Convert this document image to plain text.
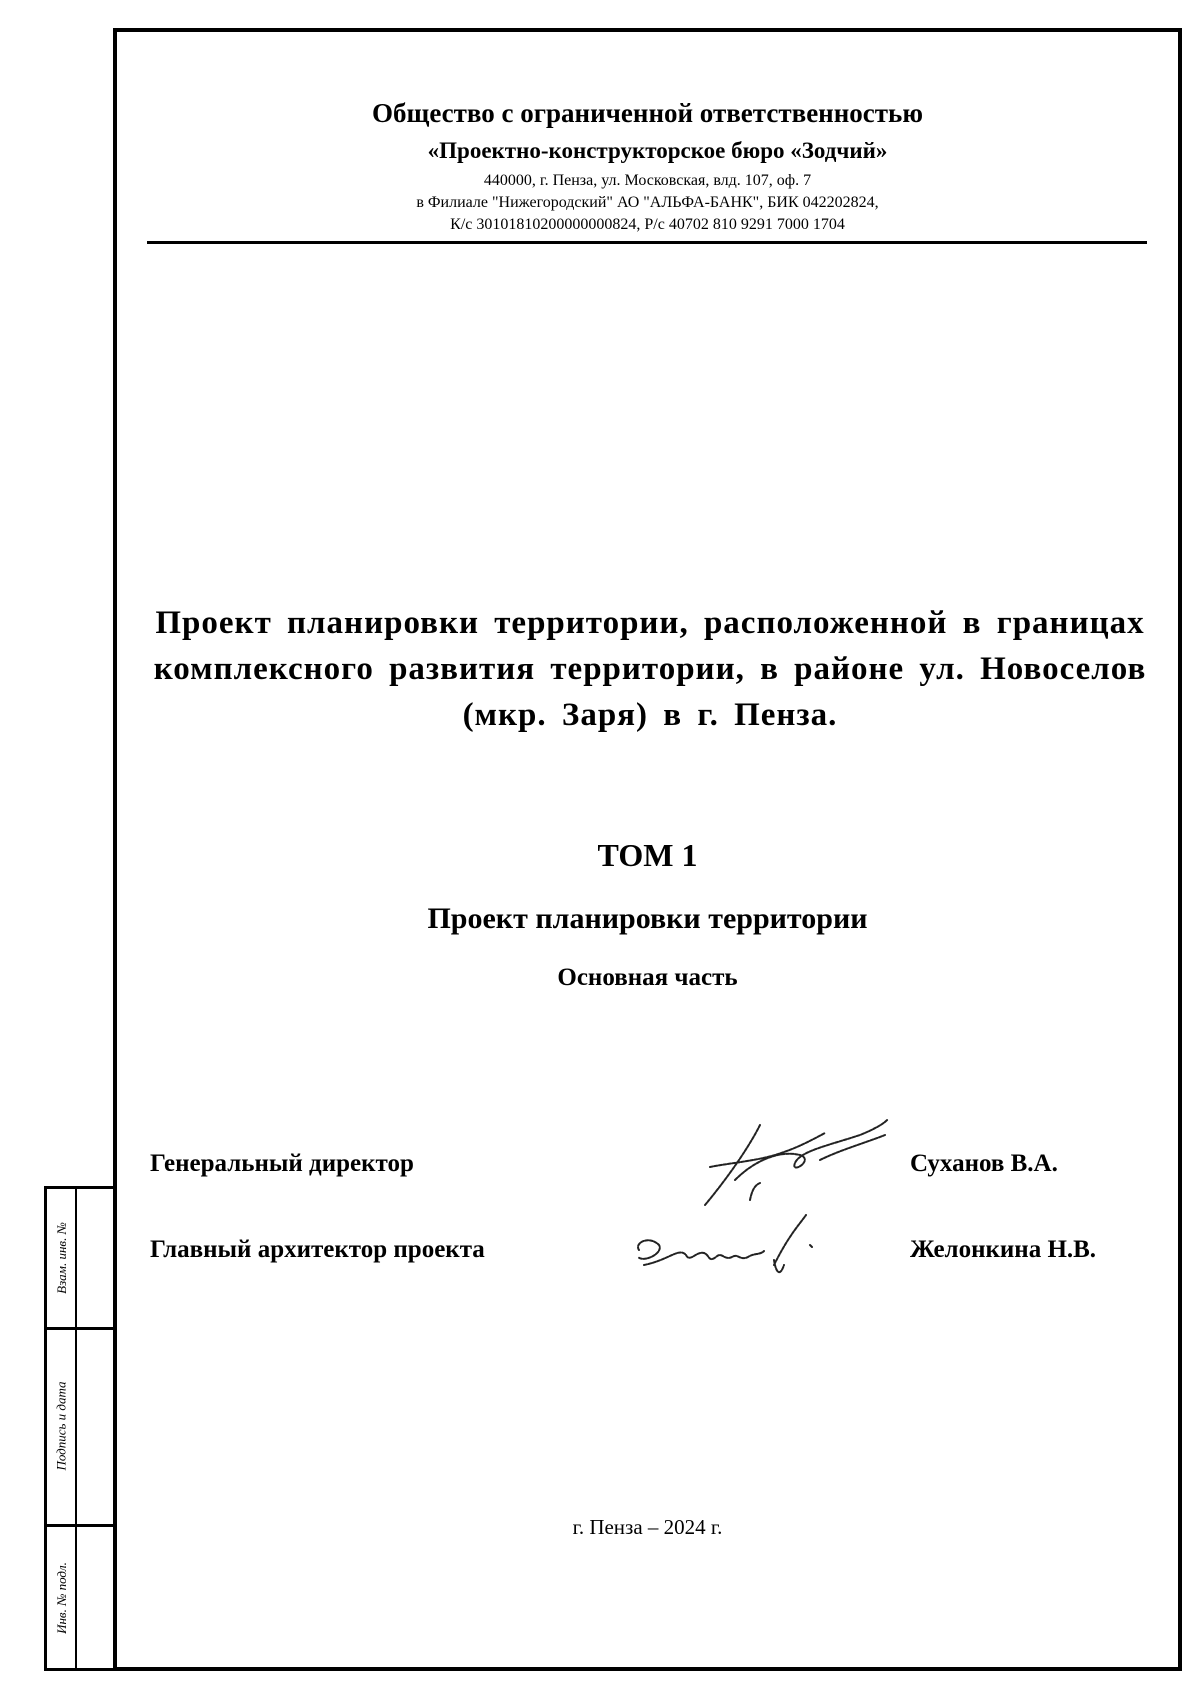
Взам. инв. №
Подпись и дата
Инв. № подл.
Общество с ограниченной ответственностью
«Проектно-конструкторское бюро «Зодчий»
440000, г. Пенза, ул. Московская, влд. 107, оф. 7
в Филиале "Нижегородский" АО "АЛЬФА-БАНК", БИК 042202824,
К/с 30101810200000000824, Р/с 40702 810 9291 7000 1704
Проект планировки территории, расположенной в границах комплексного развития территории, в районе ул. Новоселов (мкр. Заря) в г. Пенза.
ТОМ 1
Проект планировки территории
Основная часть
Генеральный директор	Суханов В.А.
Главный архитектор проекта	Желонкина Н.В.
г. Пенза – 2024 г.
